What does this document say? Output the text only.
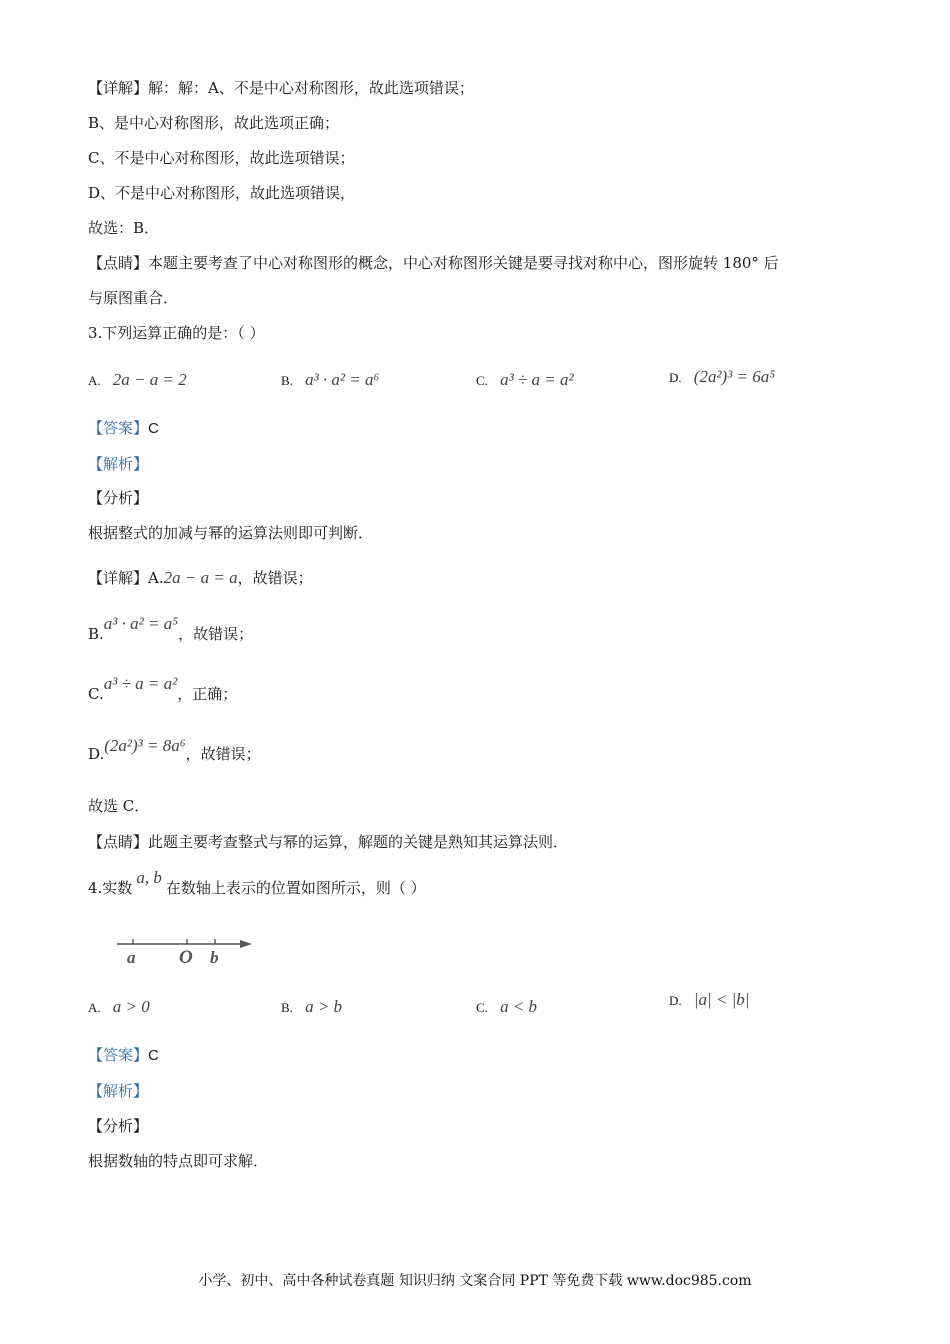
【详解】解：解：A、不是中心对称图形，故此选项错误；
B、是中心对称图形，故此选项正确；
C、不是中心对称图形，故此选项错误；
D、不是中心对称图形，故此选项错误，
故选：B．
【点睛】本题主要考查了中心对称图形的概念，中心对称图形关键是要寻找对称中心，图形旋转 180° 后
与原图重合．
3.下列运算正确的是：（ ）
A. 2a − a = 2	B. a³ · a² = a⁶	C. a³ ÷ a = a²	D. (2a²)³ = 6a⁵
【答案】C
【解析】
【分析】
根据整式的加减与幂的运算法则即可判断．
【详解】A.2a − a = a，故错误；
B.a³ · a² = a⁵，故错误；
C.a³ ÷ a = a²，正确；
D.(2a²)³ = 8a⁶，故错误；
故选 C．
【点睛】此题主要考查整式与幂的运算，解题的关键是熟知其运算法则．
4.实数a, b在数轴上表示的位置如图所示，则（ ）
a O b
A. a > 0	B. a > b	C. a < b	D. |a| < |b|
【答案】C
【解析】
【分析】
根据数轴的特点即可求解．
小学、初中、高中各种试卷真题 知识归纳 文案合同 PPT 等免费下载 www.doc985.com
